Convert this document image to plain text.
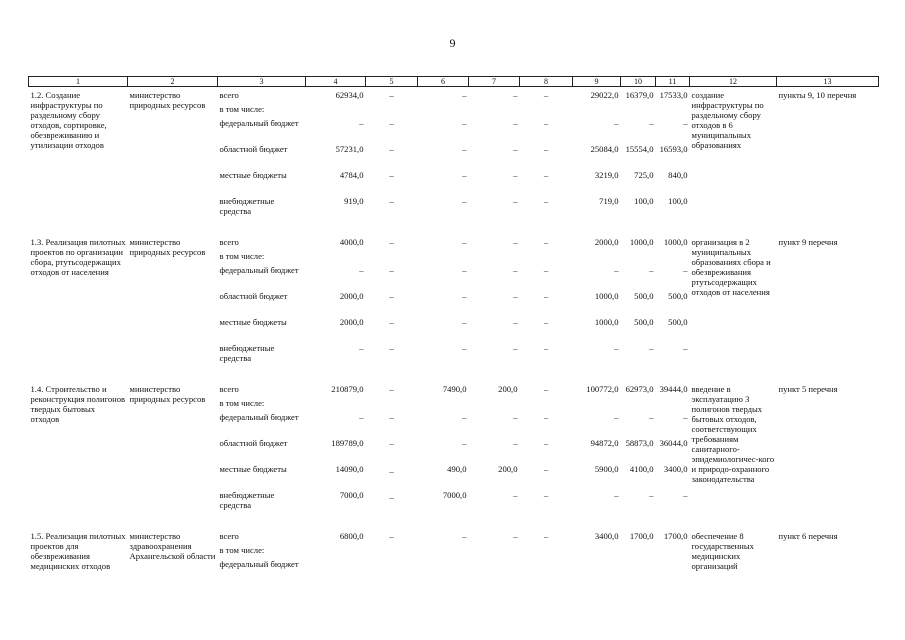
9
1	2	3	4	5	6	7	8	9	10	11	12	13
1.2. Создание инфраструктуры по раздельному сбору отходов, сортировке, обезвреживанию и утилизации отходов	министерство природных ресурсов	всего	62934,0	–	–	–	–	29022,0	16379,0	17533,0	создание инфраструктуры по раздельному сбору отходов в 6 муниципальных образованиях	пункты 9, 10 перечня
		в том числе:										
		федеральный бюджет	–	–	–	–	–	–	–	–		
		областной бюджет	57231,0	–	–	–	–	25084,0	15554,0	16593,0		
		местные бюджеты	4784,0	–	–	–	–	3219,0	725,0	840,0		
		внебюджетные средства	919,0	–	–	–	–	719,0	100,0	100,0		

1.3. Реализация пилотных проектов по организации сбора, ртутьсодержащих отходов от населения	министерство природных ресурсов	всего	4000,0	–	–	–	–	2000,0	1000,0	1000,0	организация в 2 муниципальных образованиях сбора и обезвреживания ртутьсодержащих отходов от населения	пункт 9 перечня
		в том числе:										
		федеральный бюджет	–	–	–	–	–	–	–	–		
		областной бюджет	2000,0	–	–	–	–	1000,0	500,0	500,0		
		местные бюджеты	2000,0	–	–	–	–	1000,0	500,0	500,0		
		внебюджетные средства	–	–	–	–	–	–	–	–		

1.4. Строительство и реконструкция полигонов твердых бытовых отходов	министерство природных ресурсов	всего	210879,0	–	7490,0	200,0	–	100772,0	62973,0	39444,0	введение в эксплуатацию 3 полигонов твердых бытовых отходов, соответствующих требованиям санитарного-эпидемиологичес-кого и природо-охранного законодательства	пункт 5 перечня
		в том числе:										
		федеральный бюджет	–	–	–	–	–	–	–	–		
		областной бюджет	189789,0	–	–	–	–	94872,0	58873,0	36044,0		
		местные бюджеты	14090,0	_	490,0	200,0	–	5900,0	4100,0	3400,0		
		внебюджетные средства	7000,0	_	7000,0	–	–	–	–	–		

1.5. Реализация пилотных проектов для обезвреживания медицинских отходов	министерство здравоохранения Архангельской области	всего	6800,0	–	–	–	–	3400,0	1700,0	1700,0	обеспечение 8 государственных медицинских организаций	пункт 6 перечня
		в том числе:										
		федеральный бюджет										
